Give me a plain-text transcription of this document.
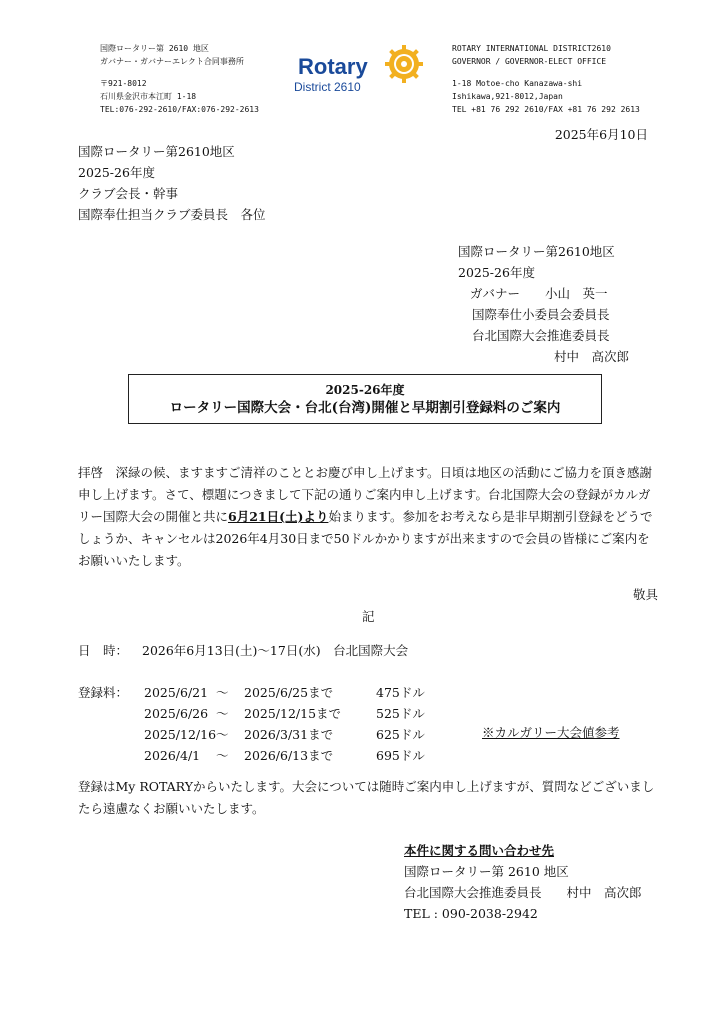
国際ロータリー第 2610 地区
ガバナー・ガバナーエレクト合同事務所
〒921-8012
石川県金沢市本江町 1-18
TEL:076-292-2610/FAX:076-292-2613
Rotary
District 2610
ROTARY INTERNATIONAL DISTRICT2610
GOVERNOR / GOVERNOR-ELECT OFFICE
1-18 Motoe-cho Kanazawa-shi
Ishikawa,921-8012,Japan
TEL +81 76 292 2610/FAX +81 76 292 2613
2025年6月10日
国際ロータリー第2610地区
2025-26年度
クラブ会長・幹事
国際奉仕担当クラブ委員長　各位
国際ロータリー第2610地区
2025-26年度
ガバナー　　小山　英一
国際奉仕小委員会委員長
台北国際大会推進委員長
村中　高次郎
2025-26年度
ロータリー国際大会・台北(台湾)開催と早期割引登録料のご案内
拝啓　深緑の候、ますますご清祥のこととお慶び申し上げます。日頃は地区の活動にご協力を頂き感謝申し上げます。さて、標題につきまして下記の通りご案内申し上げます。台北国際大会の登録がカルガリー国際大会の開催と共に6月21日(土)より始まります。参加をお考えなら是非早期割引登録をどうでしょうか、キャンセルは2026年4月30日まで50ドルかかりますが出来ますので会員の皆様にご案内をお願いいたします。
敬具
記
日　時： 2026年6月13日(土)～17日(水)　台北国際大会
登録料： 2025/6/21 ～ 2025/6/25まで	475ドル
2025/6/26 ～ 2025/12/15まで	525ドル
2025/12/16 ～ 2026/3/31まで	625ドル
2026/4/1 ～ 2026/6/13まで	695ドル
※カルガリー大会値参考
登録はMy ROTARYからいたします。大会については随時ご案内申し上げますが、質問などございましたら遠慮なくお願いいたします。
本件に関する問い合わせ先
国際ロータリー第 2610 地区
台北国際大会推進委員長　　村中　高次郎
TEL : 090-2038-2942
